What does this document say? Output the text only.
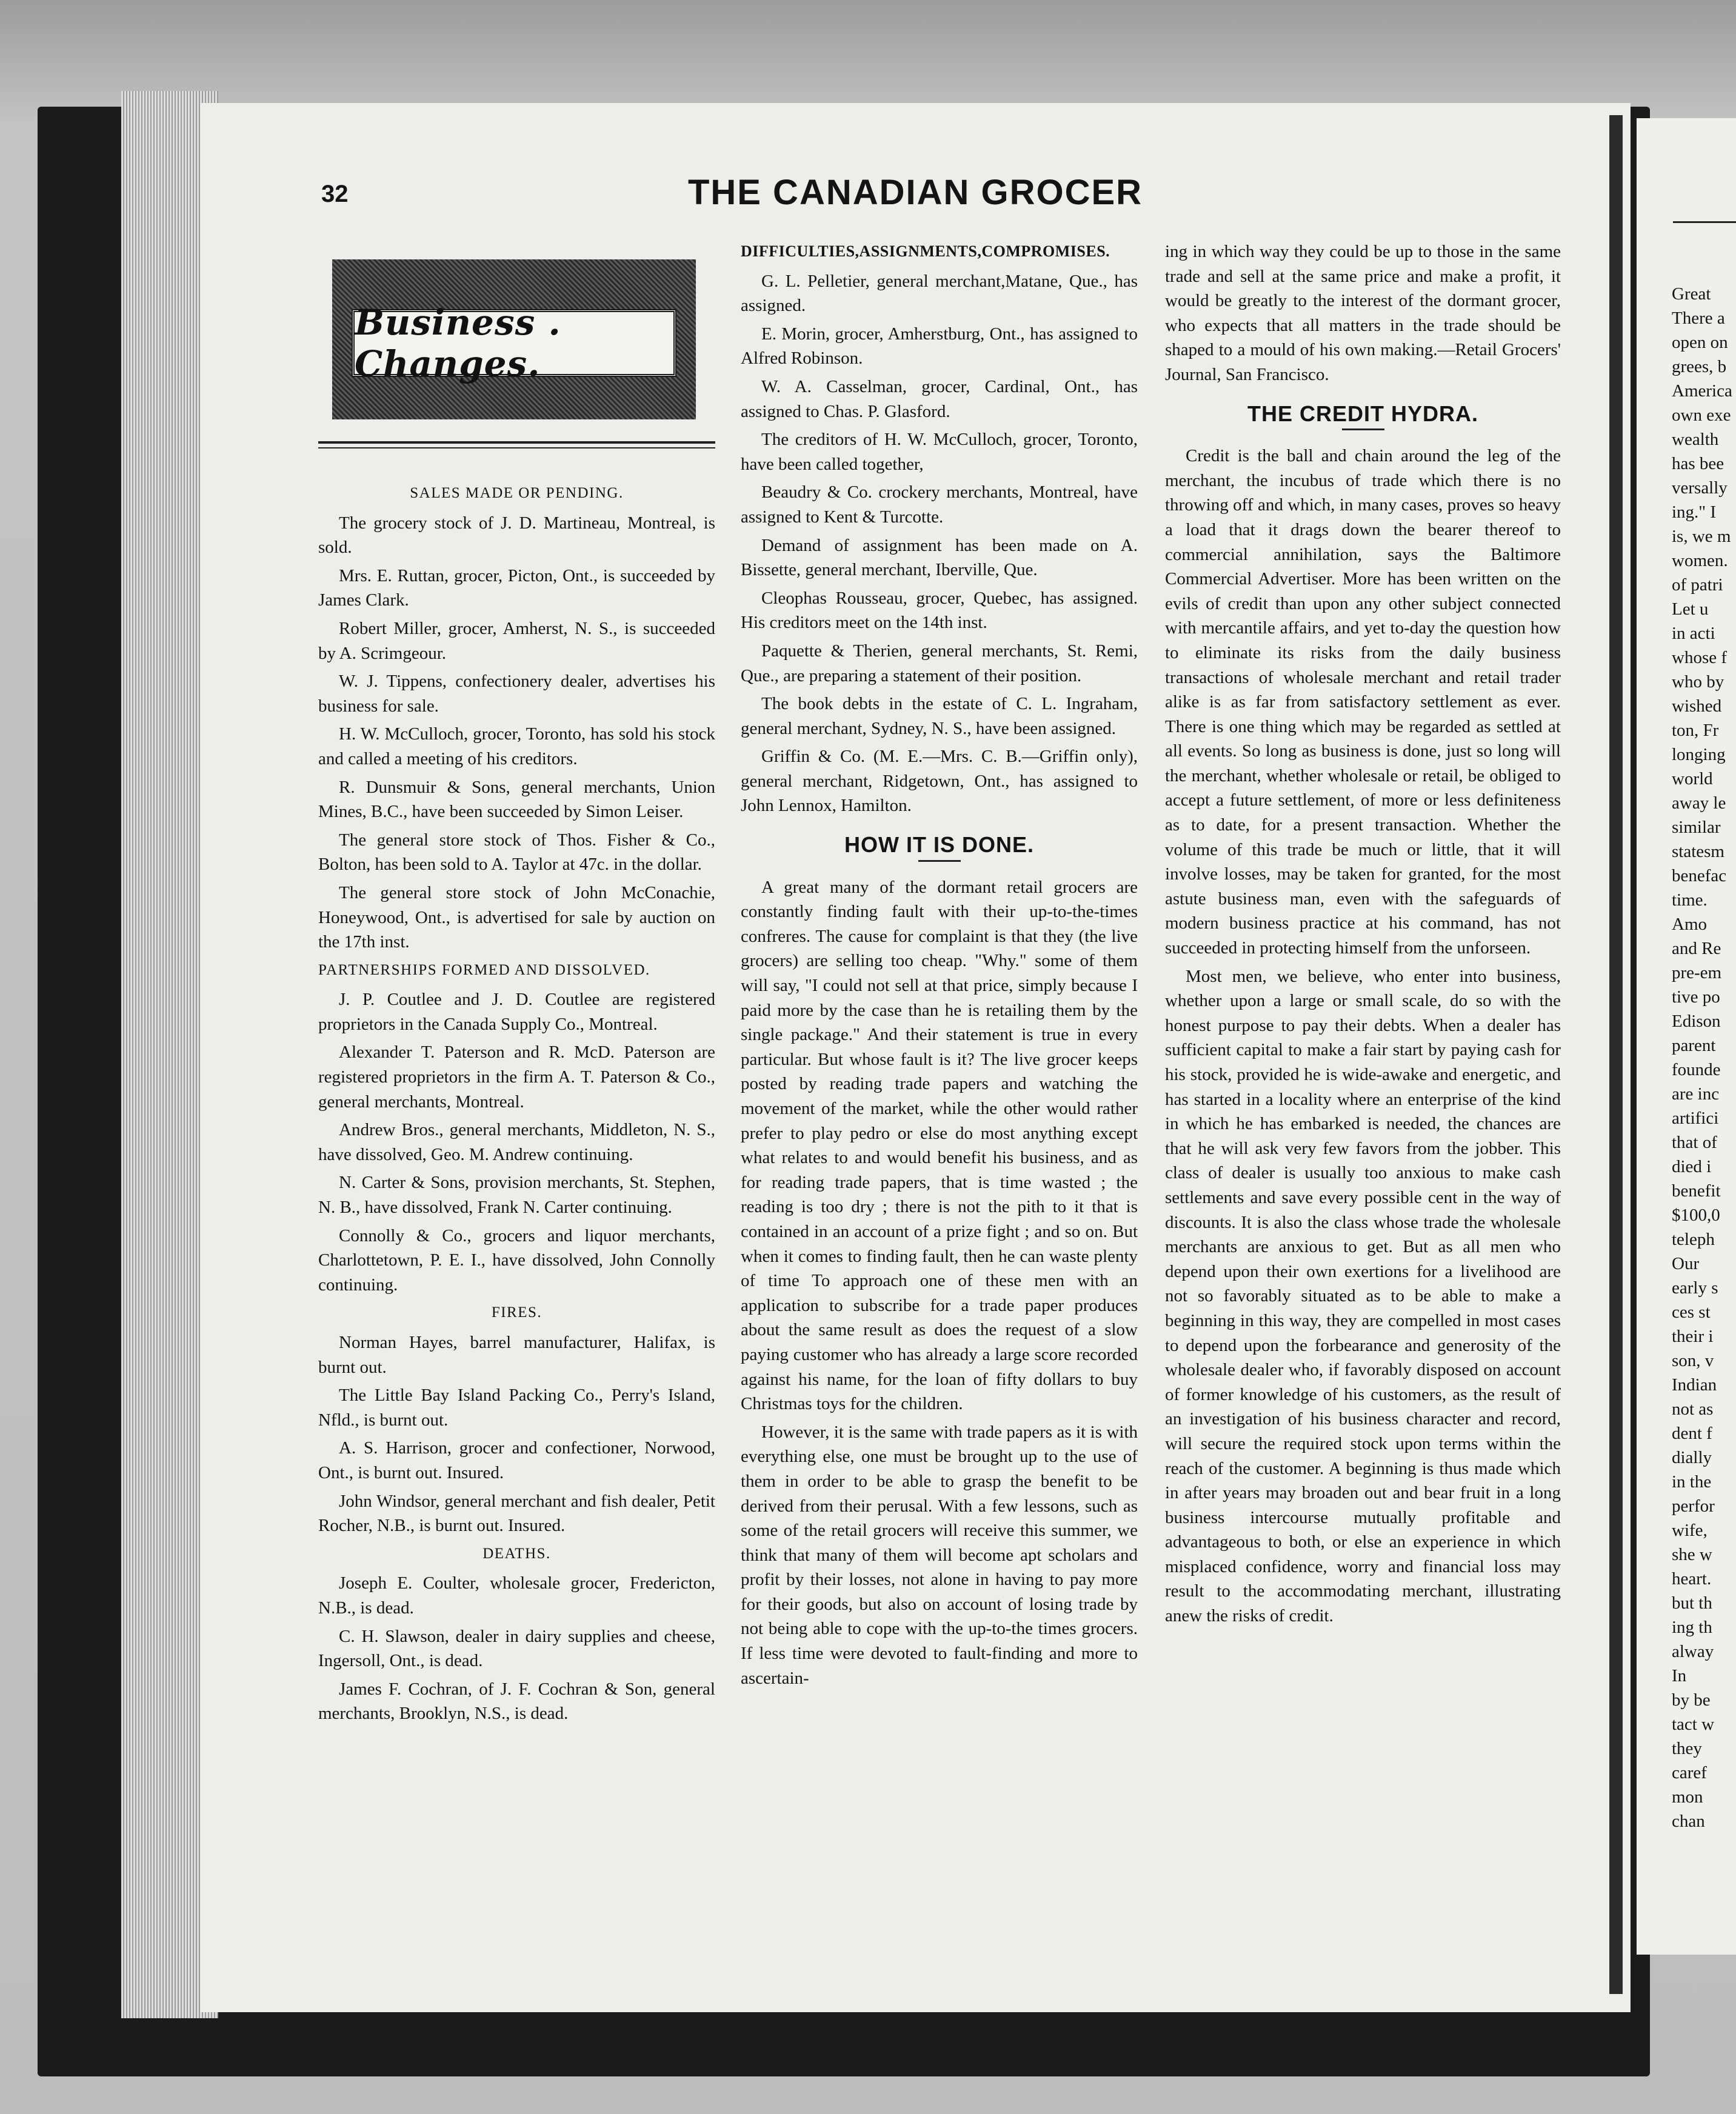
Great
There a
open on
grees, b
America
own exe
wealth
has bee
versally
ing." I
is, we m
women.
of patri
Let u
in acti
whose f
who by
wished
ton, Fr
longing
world
away le
similar
statesm
benefac
time.
Amo
and Re
pre-em
tive po
Edison
parent
founde
are inc
artifici
that of
died i
benefit
$100,0
teleph
Our
early s
ces st
their i
son, v
Indian
not as
dent f
dially
in the
perfor
wife,
she w
heart.
but th
ing th
alway
In
by be
tact w
they
caref
mon
chan
32	THE CANADIAN GROCER
Business . Changes.
SALES MADE OR PENDING.

The grocery stock of J. D. Martineau, Montreal, is sold.

Mrs. E. Ruttan, grocer, Picton, Ont., is succeeded by James Clark.

Robert Miller, grocer, Amherst, N. S., is succeeded by A. Scrimgeour.

W. J. Tippens, confectionery dealer, advertises his business for sale.

H. W. McCulloch, grocer, Toronto, has sold his stock and called a meeting of his creditors.

R. Dunsmuir & Sons, general merchants, Union Mines, B.C., have been succeeded by Simon Leiser.

The general store stock of Thos. Fisher & Co., Bolton, has been sold to A. Taylor at 47c. in the dollar.

The general store stock of John McConachie, Honeywood, Ont., is advertised for sale by auction on the 17th inst.

PARTNERSHIPS FORMED AND DISSOLVED.

J. P. Coutlee and J. D. Coutlee are registered proprietors in the Canada Supply Co., Montreal.

Alexander T. Paterson and R. McD. Paterson are registered proprietors in the firm A. T. Paterson & Co., general merchants, Montreal.

Andrew Bros., general merchants, Middleton, N. S., have dissolved, Geo. M. Andrew continuing.

N. Carter & Sons, provision merchants, St. Stephen, N. B., have dissolved, Frank N. Carter continuing.

Connolly & Co., grocers and liquor merchants, Charlottetown, P. E. I., have dissolved, John Connolly continuing.

FIRES.

Norman Hayes, barrel manufacturer, Halifax, is burnt out.

The Little Bay Island Packing Co., Perry's Island, Nfld., is burnt out.

A. S. Harrison, grocer and confectioner, Norwood, Ont., is burnt out. Insured.

John Windsor, general merchant and fish dealer, Petit Rocher, N.B., is burnt out. Insured.

DEATHS.

Joseph E. Coulter, wholesale grocer, Fredericton, N.B., is dead.

C. H. Slawson, dealer in dairy supplies and cheese, Ingersoll, Ont., is dead.

James F. Cochran, of J. F. Cochran & Son, general merchants, Brooklyn, N.S., is dead.

DIFFICULTIES,ASSIGNMENTS,COMPROMISES.

G. L. Pelletier, general merchant,Matane, Que., has assigned.

E. Morin, grocer, Amherstburg, Ont., has assigned to Alfred Robinson.

W. A. Casselman, grocer, Cardinal, Ont., has assigned to Chas. P. Glasford.

The creditors of H. W. McCulloch, grocer, Toronto, have been called together,

Beaudry & Co. crockery merchants, Montreal, have assigned to Kent & Turcotte.

Demand of assignment has been made on A. Bissette, general merchant, Iberville, Que.

Cleophas Rousseau, grocer, Quebec, has assigned. His creditors meet on the 14th inst.

Paquette & Therien, general merchants, St. Remi, Que., are preparing a statement of their position.

The book debts in the estate of C. L. Ingraham, general merchant, Sydney, N. S., have been assigned.

Griffin & Co. (M. E.—Mrs. C. B.—Griffin only), general merchant, Ridgetown, Ont., has assigned to John Lennox, Hamilton.

HOW IT IS DONE.

A great many of the dormant retail grocers are constantly finding fault with their up-to-the-times confreres. The cause for complaint is that they (the live grocers) are selling too cheap. "Why." some of them will say, "I could not sell at that price, simply because I paid more by the case than he is retailing them by the single package." And their statement is true in every particular. But whose fault is it? The live grocer keeps posted by reading trade papers and watching the movement of the market, while the other would rather prefer to play pedro or else do most anything except what relates to and would benefit his business, and as for reading trade papers, that is time wasted ; the reading is too dry ; there is not the pith to it that is contained in an account of a prize fight ; and so on. But when it comes to finding fault, then he can waste plenty of time To approach one of these men with an application to subscribe for a trade paper produces about the same result as does the request of a slow paying customer who has already a large score recorded against his name, for the loan of fifty dollars to buy Christmas toys for the children.

However, it is the same with trade papers as it is with everything else, one must be brought up to the use of them in order to be able to grasp the benefit to be derived from their perusal. With a few lessons, such as some of the retail grocers will receive this summer, we think that many of them will become apt scholars and profit by their losses, not alone in having to pay more for their goods, but also on account of losing trade by not being able to cope with the up-to-the times grocers. If less time were devoted to fault-finding and more to ascertain-

ing in which way they could be up to those in the same trade and sell at the same price and make a profit, it would be greatly to the interest of the dormant grocer, who expects that all matters in the trade should be shaped to a mould of his own making.—Retail Grocers' Journal, San Francisco.

THE CREDIT HYDRA.

Credit is the ball and chain around the leg of the merchant, the incubus of trade which there is no throwing off and which, in many cases, proves so heavy a load that it drags down the bearer thereof to commercial annihilation, says the Baltimore Commercial Advertiser. More has been written on the evils of credit than upon any other subject connected with mercantile affairs, and yet to-day the question how to eliminate its risks from the daily business transactions of wholesale merchant and retail trader alike is as far from satisfactory settlement as ever. There is one thing which may be regarded as settled at all events. So long as business is done, just so long will the merchant, whether wholesale or retail, be obliged to accept a future settlement, of more or less definiteness as to date, for a present transaction. Whether the volume of this trade be much or little, that it will involve losses, may be taken for granted, for the most astute business man, even with the safeguards of modern business practice at his command, has not succeeded in protecting himself from the unforseen.

Most men, we believe, who enter into business, whether upon a large or small scale, do so with the honest purpose to pay their debts. When a dealer has sufficient capital to make a fair start by paying cash for his stock, provided he is wide-awake and energetic, and has started in a locality where an enterprise of the kind in which he has embarked is needed, the chances are that he will ask very few favors from the jobber. This class of dealer is usually too anxious to make cash settlements and save every possible cent in the way of discounts. It is also the class whose trade the wholesale merchants are anxious to get. But as all men who depend upon their own exertions for a livelihood are not so favorably situated as to be able to make a beginning in this way, they are compelled in most cases to depend upon the forbearance and generosity of the wholesale dealer who, if favorably disposed on account of former knowledge of his customers, as the result of an investigation of his business character and record, will secure the required stock upon terms within the reach of the customer. A beginning is thus made which in after years may broaden out and bear fruit in a long business intercourse mutually profitable and advantageous to both, or else an experience in which misplaced confidence, worry and financial loss may result to the accommodating merchant, illustrating anew the risks of credit.
